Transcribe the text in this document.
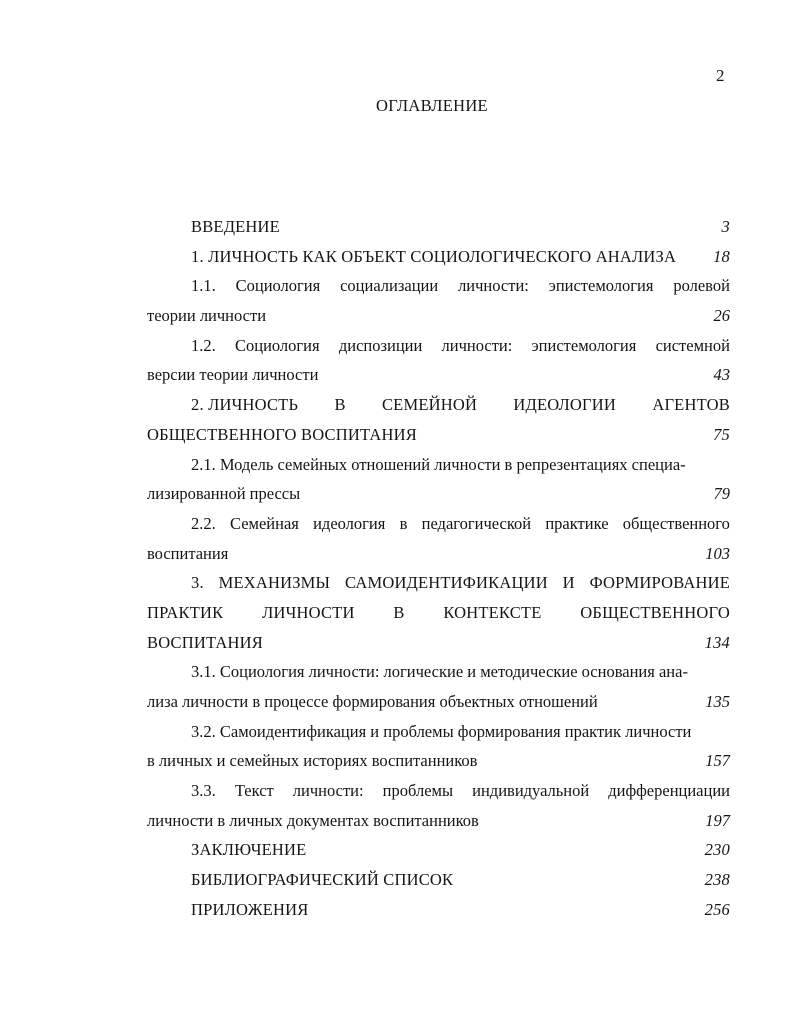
2
ОГЛАВЛЕНИЕ
ВВЕДЕНИЕ	3
1. ЛИЧНОСТЬ КАК ОБЪЕКТ СОЦИОЛОГИЧЕСКОГО АНАЛИЗА 18
1.1. Социология социализации личности: эпистемология ролевой
теории личности	26
1.2. Социология диспозиции личности: эпистемология системной
версии теории личности	43
2. ЛИЧНОСТЬ В СЕМЕЙНОЙ ИДЕОЛОГИИ АГЕНТОВ
ОБЩЕСТВЕННОГО ВОСПИТАНИЯ	75
2.1. Модель семейных отношений личности в репрезентациях специа-
лизированной прессы	79
2.2. Семейная идеология в педагогической практике общественного
воспитания	103
3. МЕХАНИЗМЫ САМОИДЕНТИФИКАЦИИ И ФОРМИРОВАНИЕ
ПРАКТИК ЛИЧНОСТИ В КОНТЕКСТЕ ОБЩЕСТВЕННОГО
ВОСПИТАНИЯ	134
3.1. Социология личности: логические и методические основания ана-
лиза личности в процессе формирования объектных отношений	135
3.2. Самоидентификация и проблемы формирования практик личности
в личных и семейных историях воспитанников	157
3.3. Текст личности: проблемы индивидуальной дифференциации
личности в личных документах воспитанников	197
ЗАКЛЮЧЕНИЕ	230
БИБЛИОГРАФИЧЕСКИЙ СПИСОК	238
ПРИЛОЖЕНИЯ	256
